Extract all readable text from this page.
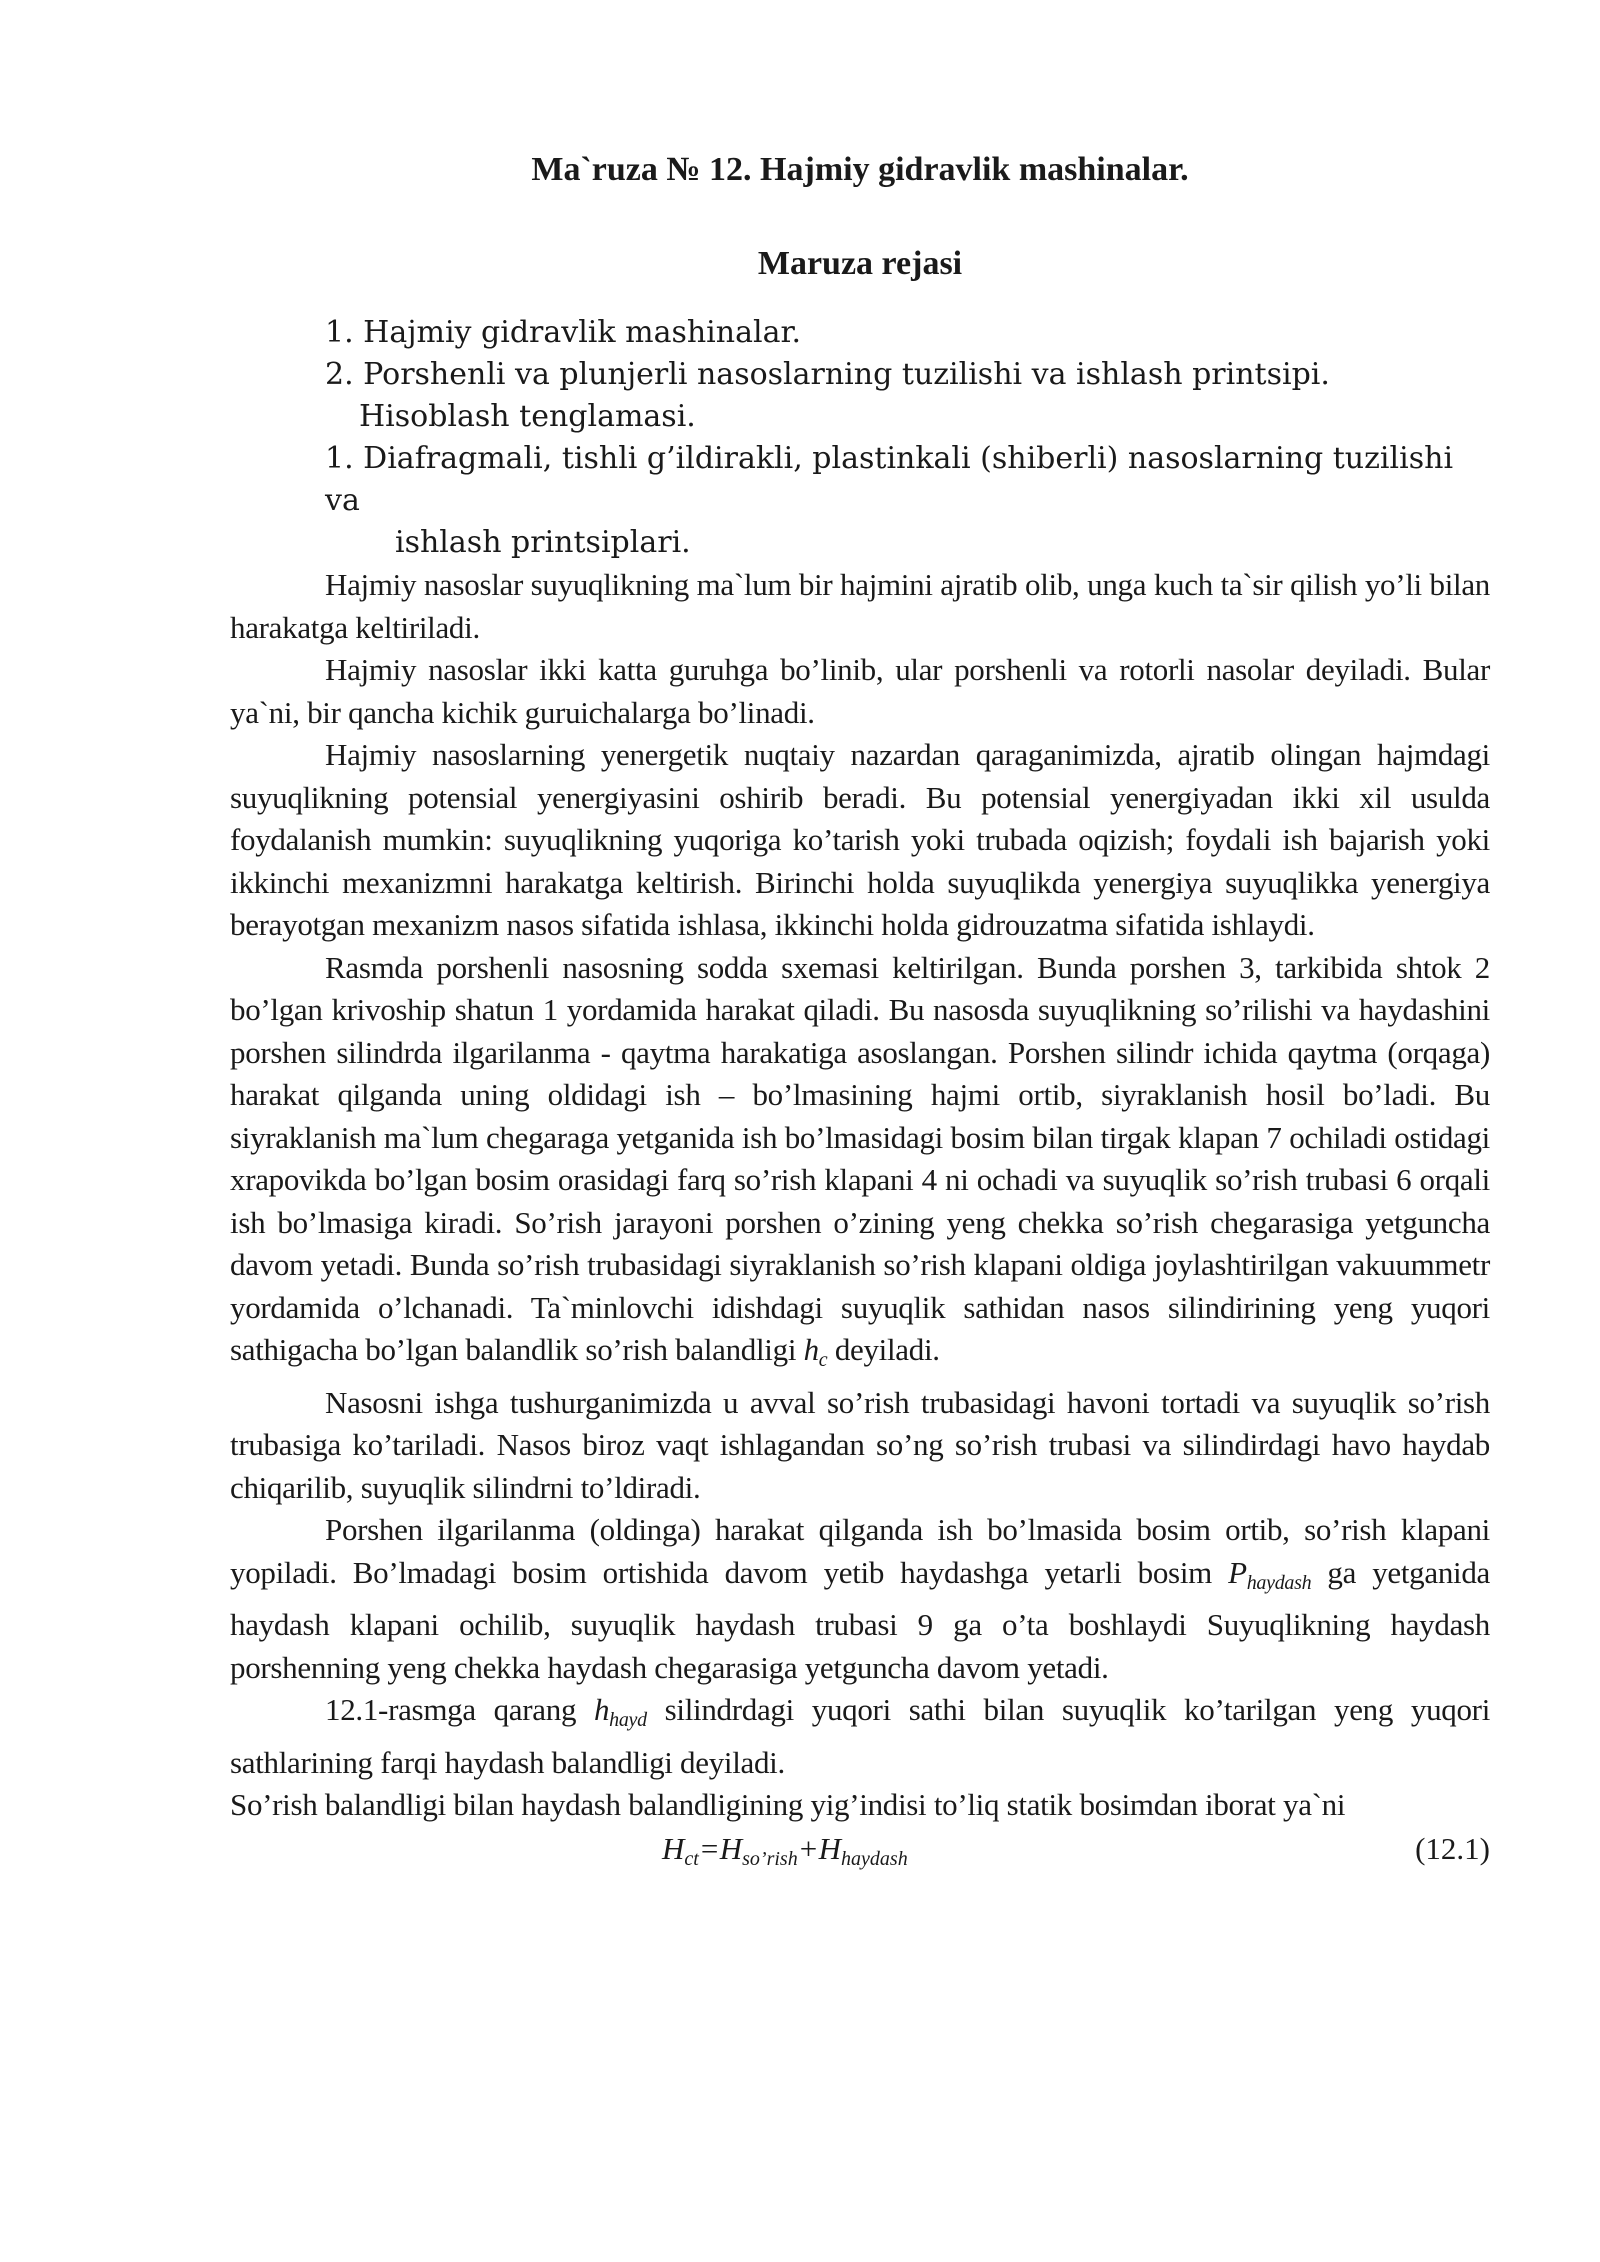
Ma`ruza № 12. Hajmiy gidravlik mashinalar.
Maruza rejasi
1. Hajmiy gidravlik mashinalar.
2. Porshenli va plunjerli nasoslarning tuzilishi va ishlash printsipi.
Hisoblash tenglamasi.
1. Diafragmali, tishli g’ildirakli, plastinkali (shiberli) nasoslarning tuzilishi
va
ishlash printsiplari.

Hajmiy nasoslar suyuqlikning ma`lum bir hajmini ajratib olib, unga kuch ta`sir qilish yo’li bilan harakatga keltiriladi.

Hajmiy nasoslar ikki katta guruhga bo’linib, ular porshenli va rotorli nasolar deyiladi. Bular ya`ni, bir qancha kichik guruichalarga bo’linadi.

Hajmiy nasoslarning yenergetik nuqtaiy nazardan qaraganimizda, ajratib olingan hajmdagi suyuqlikning potensial yenergiyasini oshirib beradi. Bu potensial yenergiyadan ikki xil usulda foydalanish mumkin: suyuqlikning yuqoriga ko’tarish yoki trubada oqizish; foydali ish bajarish yoki ikkinchi mexanizmni harakatga keltirish. Birinchi holda suyuqlikda yenergiya suyuqlikka yenergiya berayotgan mexanizm nasos sifatida ishlasa, ikkinchi holda gidrouzatma sifatida ishlaydi.

Rasmda porshenli nasosning sodda sxemasi keltirilgan. Bunda porshen 3, tarkibida shtok 2 bo’lgan krivoship shatun 1 yordamida harakat qiladi. Bu nasosda suyuqlikning so’rilishi va haydashini porshen silindrda ilgarilanma - qaytma harakatiga asoslangan. Porshen silindr ichida qaytma (orqaga) harakat qilganda uning oldidagi ish – bo’lmasining hajmi ortib, siyraklanish hosil bo’ladi. Bu siyraklanish ma`lum chegaraga yetganida ish bo’lmasidagi bosim bilan tirgak klapan 7 ochiladi ostidagi xrapovikda bo’lgan bosim orasidagi farq so’rish klapani 4 ni ochadi va suyuqlik so’rish trubasi 6 orqali ish bo’lmasiga kiradi. So’rish jarayoni porshen o’zining yeng chekka so’rish chegarasiga yetguncha davom yetadi. Bunda so’rish trubasidagi siyraklanish so’rish klapani oldiga joylashtirilgan vakuummetr yordamida o’lchanadi. Ta`minlovchi idishdagi suyuqlik sathidan nasos silindirining yeng yuqori sathigacha bo’lgan balandlik so’rish balandligi $h_c$ deyiladi.

Nasosni ishga tushurganimizda u avval so’rish trubasidagi havoni tortadi va suyuqlik so’rish trubasiga ko’tariladi. Nasos biroz vaqt ishlagandan so’ng so’rish trubasi va silindirdagi havo haydab chiqarilib, suyuqlik silindrni to’ldiradi.

Porshen ilgarilanma (oldinga) harakat qilganda ish bo’lmasida bosim ortib, so’rish klapani yopiladi. Bo’lmadagi bosim ortishida davom yetib haydashga yetarli bosim $P_{haydash}$ ga yetganida haydash klapani ochilib, suyuqlik haydash trubasi 9 ga o’ta boshlaydi Suyuqlikning haydash porshenning yeng chekka haydash chegarasiga yetguncha davom yetadi.

12.1-rasmga qarang $h_{hayd}$ silindrdagi yuqori sathi bilan suyuqlik ko’tarilgan yeng yuqori sathlarining farqi haydash balandligi deyiladi.

So’rish balandligi bilan haydash balandligining yig’indisi to’liq statik bosimdan iborat ya`ni

$H_{ct}=H_{so’rish}+H_{haydash}$	(12.1)
